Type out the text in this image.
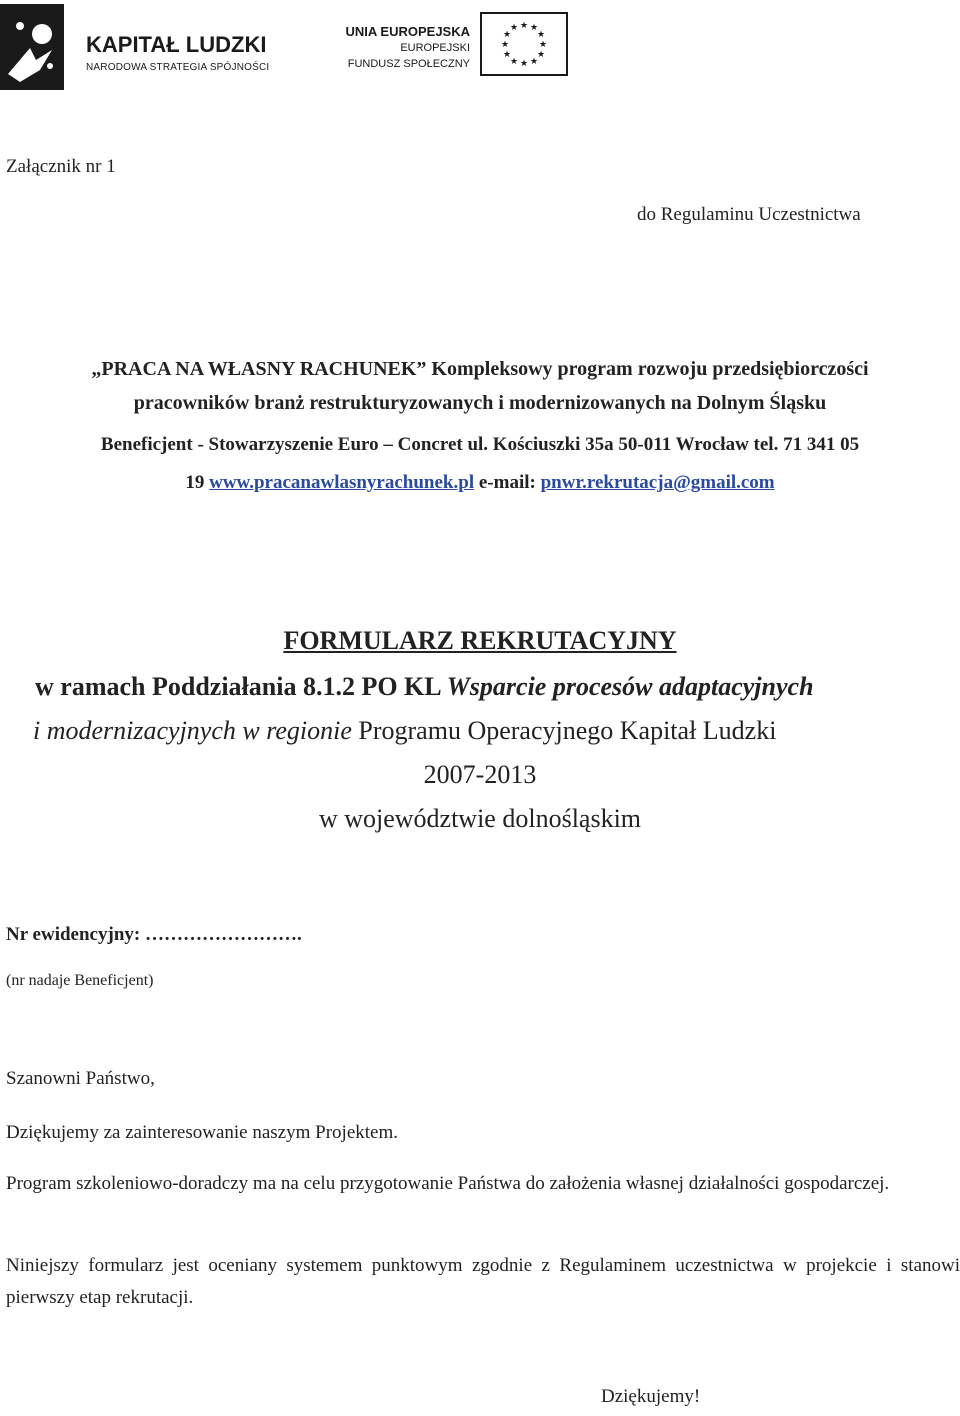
KAPITAŁ LUDZKI
NARODOWA STRATEGIA SPÓJNOŚCI
UNIA EUROPEJSKA
EUROPEJSKI
FUNDUSZ SPOŁECZNY
★ ★
★
★
★
★
★
★
★
★
★
★
Załącznik nr 1
do Regulaminu Uczestnictwa
„PRACA NA WŁASNY RACHUNEK” Kompleksowy program rozwoju przedsiębiorczości
pracowników branż restrukturyzowanych i modernizowanych na Dolnym Śląsku
Beneficjent - Stowarzyszenie Euro – Concret ul. Kościuszki 35a 50-011 Wrocław tel. 71 341 05
19 www.pracanawlasnyrachunek.pl e-mail: pnwr.rekrutacja@gmail.com
FORMULARZ REKRUTACYJNY
w ramach Poddziałania 8.1.2 PO KL Wsparcie procesów adaptacyjnych
i modernizacyjnych w regionie Programu Operacyjnego Kapitał Ludzki
2007-2013
w województwie dolnośląskim
Nr ewidencyjny: …………………….
(nr nadaje Beneficjent)
Szanowni Państwo,
Dziękujemy za zainteresowanie naszym Projektem.
Program szkoleniowo-doradczy ma na celu przygotowanie Państwa do założenia własnej działalności gospodarczej.
Niniejszy formularz jest oceniany systemem punktowym zgodnie z Regulaminem uczestnictwa w projekcie i stanowi pierwszy etap rekrutacji.
Dziękujemy!
